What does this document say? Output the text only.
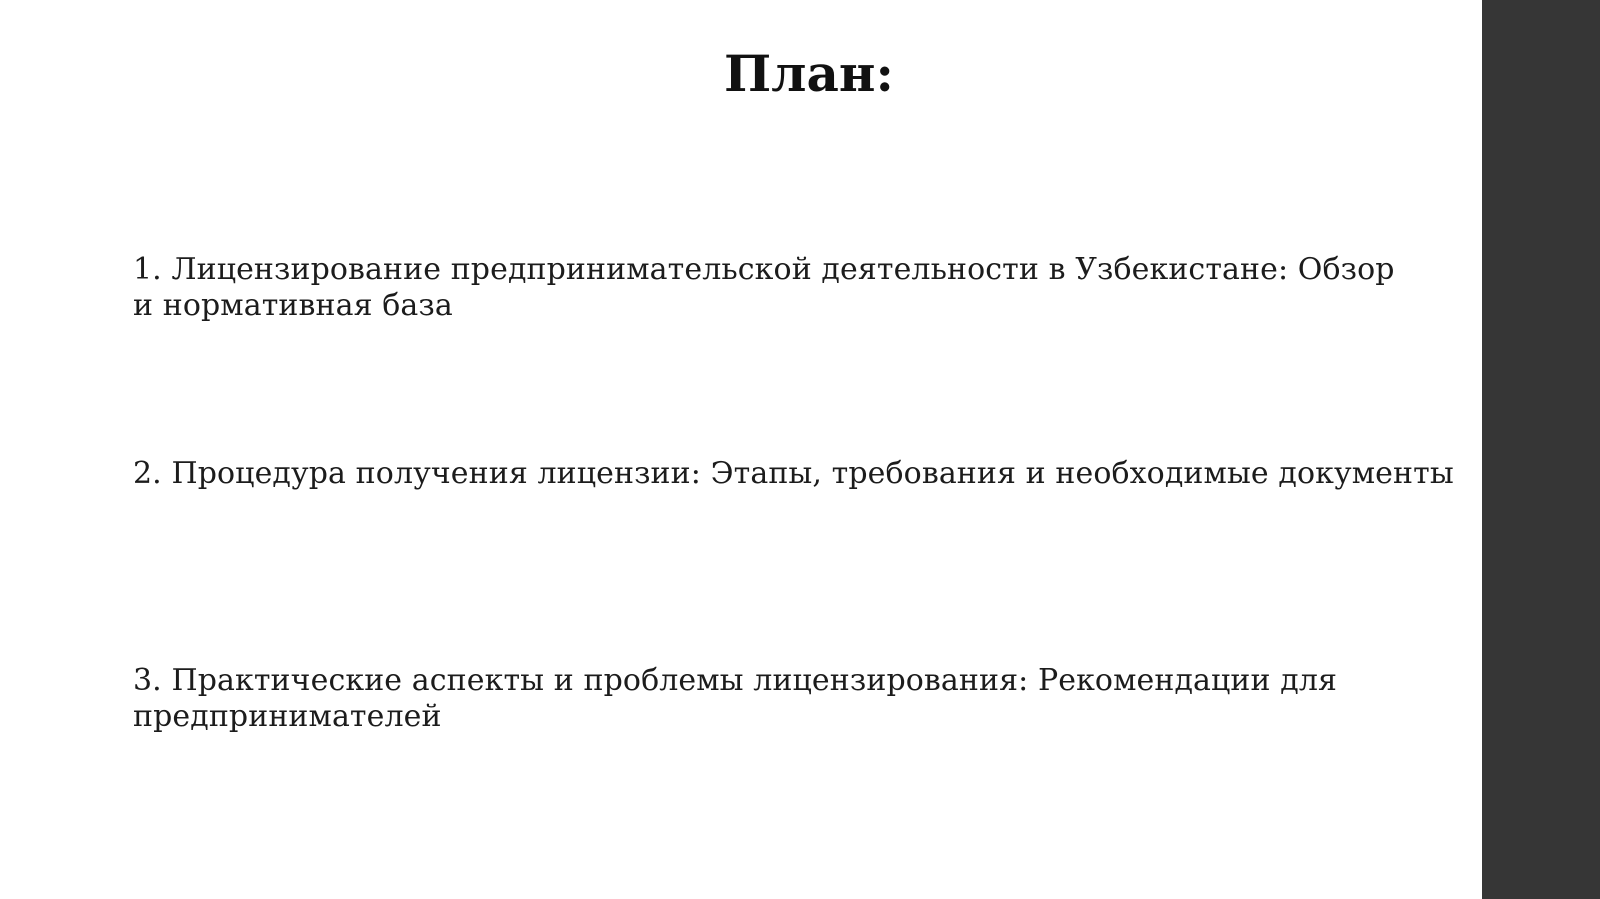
План:

1. Лицензирование предпринимательской деятельности в Узбекистане: Обзор и нормативная база

2. Процедура получения лицензии: Этапы, требования и необходимые документы

3. Практические аспекты и проблемы лицензирования: Рекомендации для предпринимателей
